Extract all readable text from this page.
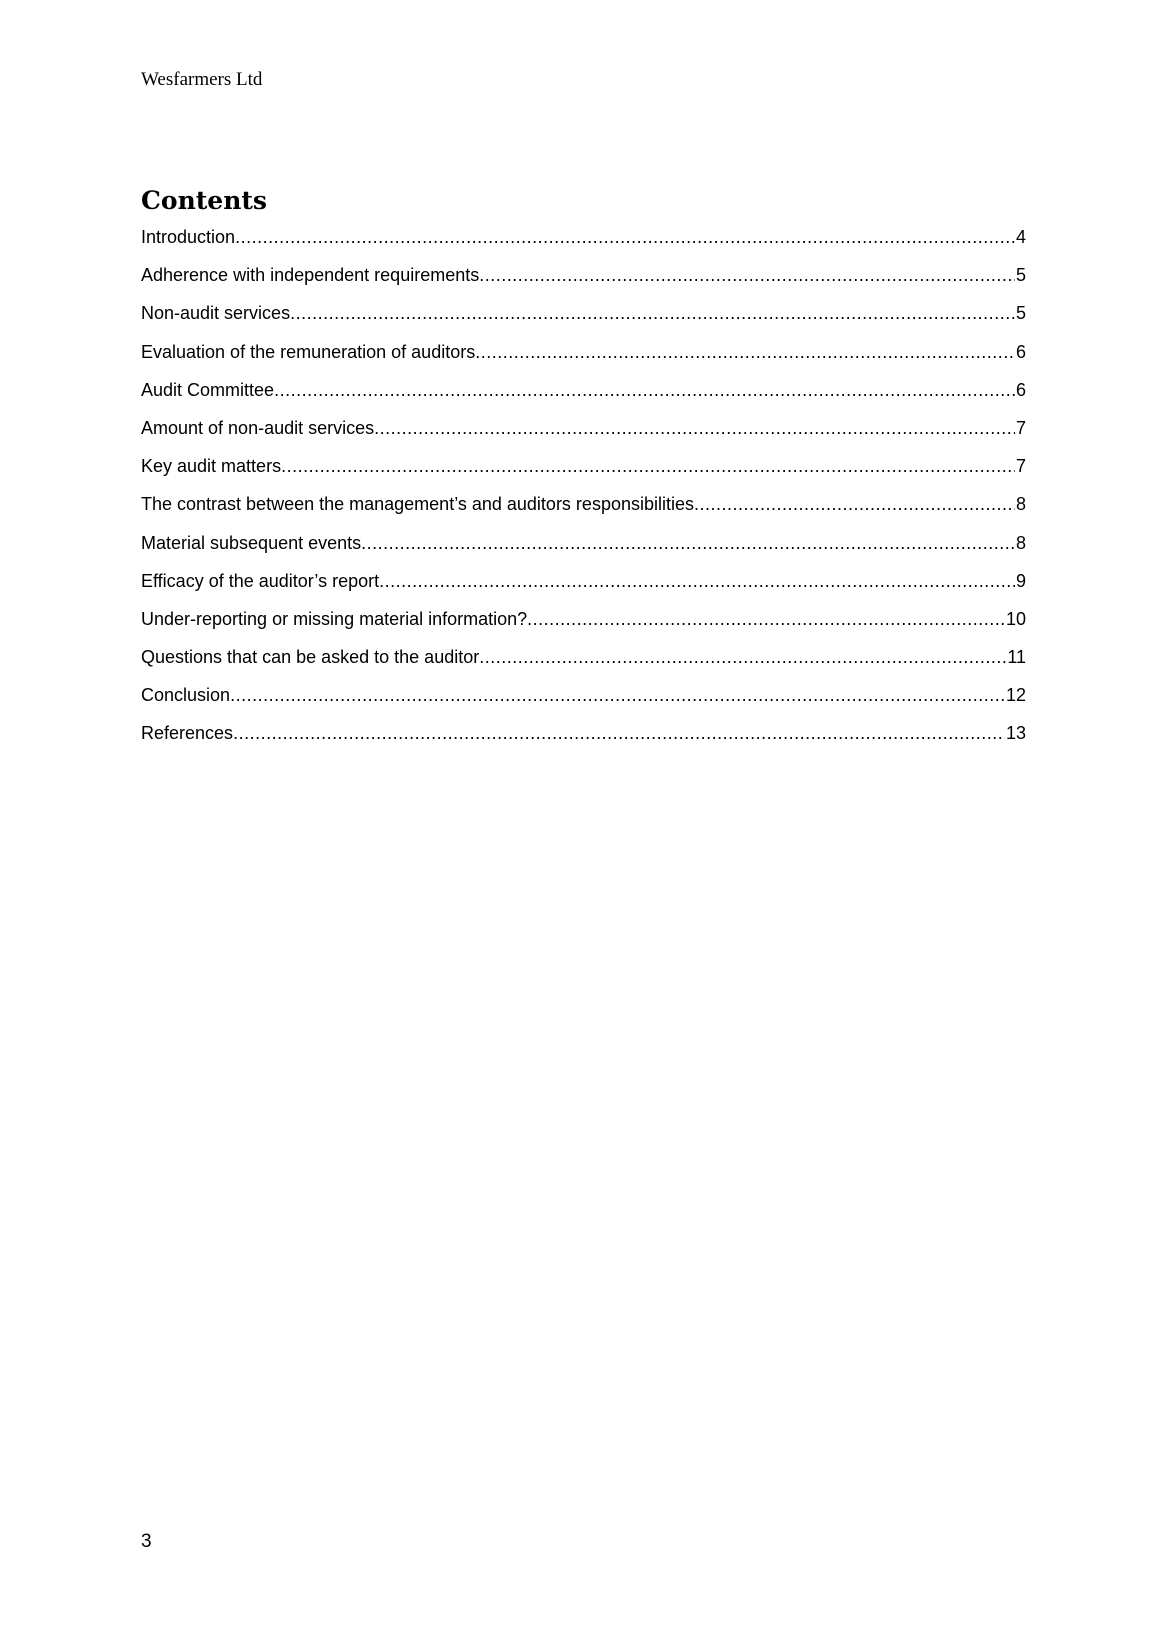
Wesfarmers Ltd
Contents
Introduction .....	4
Adherence with independent requirements .....	5
Non-audit services .....	5
Evaluation of the remuneration of auditors .....	6
Audit Committee .....	6
Amount of non-audit services .....	7
Key audit matters .....	7
The contrast between the management’s and auditors responsibilities .....	8
Material subsequent events .....	8
Efficacy of the auditor’s report .....	9
Under-reporting or missing material information? .....	10
Questions that can be asked to the auditor .....	11
Conclusion .....	12
References .....	13
3
